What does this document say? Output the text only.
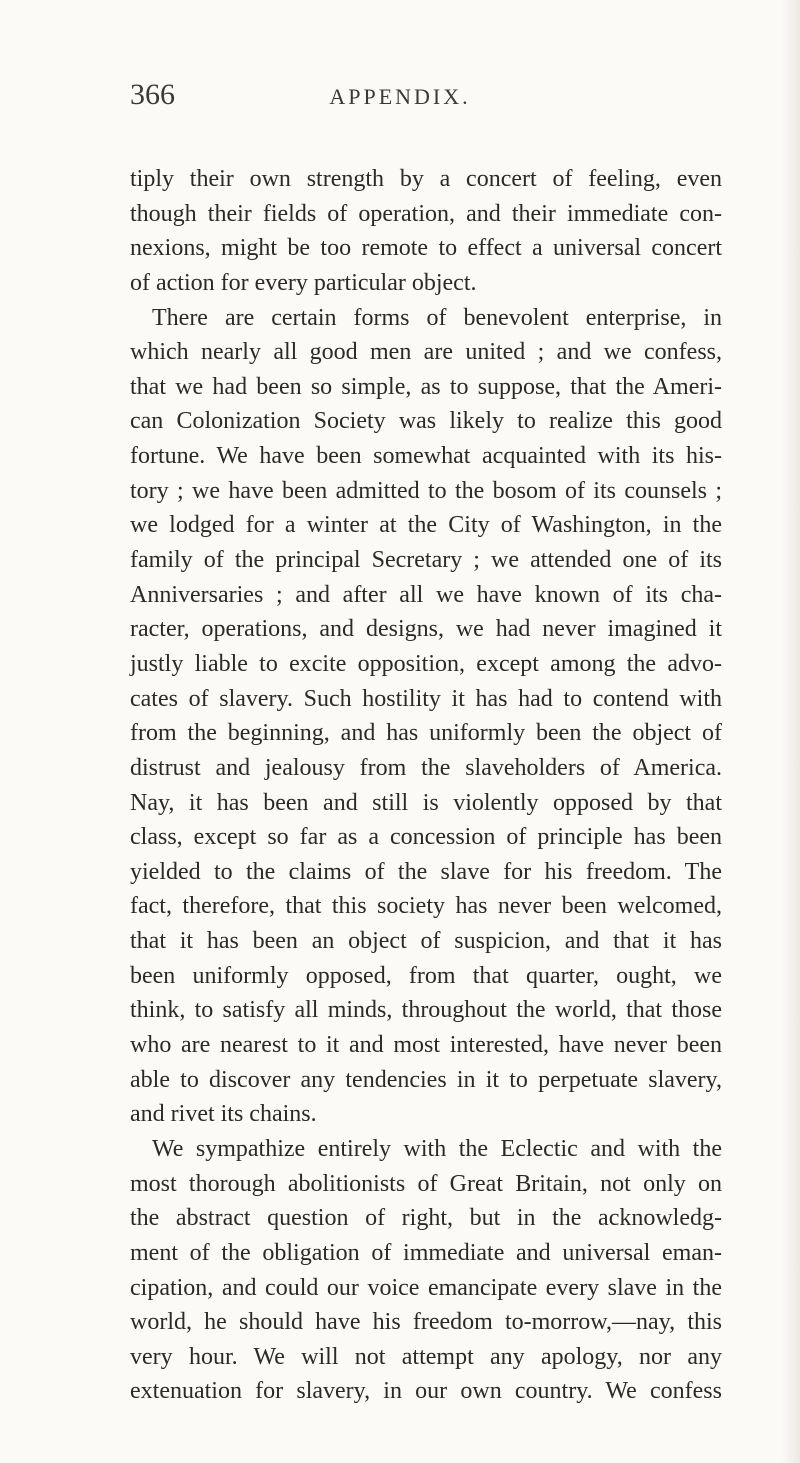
366	APPENDIX.
tiply their own strength by a concert of feeling, even
though their fields of operation, and their immediate con-
nexions, might be too remote to effect a universal concert
of action for every particular object.
There are certain forms of benevolent enterprise, in
which nearly all good men are united ; and we confess,
that we had been so simple, as to suppose, that the Ameri-
can Colonization Society was likely to realize this good
fortune. We have been somewhat acquainted with its his-
tory ; we have been admitted to the bosom of its counsels ;
we lodged for a winter at the City of Washington, in the
family of the principal Secretary ; we attended one of its
Anniversaries ; and after all we have known of its cha-
racter, operations, and designs, we had never imagined it
justly liable to excite opposition, except among the advo-
cates of slavery. Such hostility it has had to contend with
from the beginning, and has uniformly been the object of
distrust and jealousy from the slaveholders of America.
Nay, it has been and still is violently opposed by that
class, except so far as a concession of principle has been
yielded to the claims of the slave for his freedom. The
fact, therefore, that this society has never been welcomed,
that it has been an object of suspicion, and that it has
been uniformly opposed, from that quarter, ought, we
think, to satisfy all minds, throughout the world, that those
who are nearest to it and most interested, have never been
able to discover any tendencies in it to perpetuate slavery,
and rivet its chains.
We sympathize entirely with the Eclectic and with the
most thorough abolitionists of Great Britain, not only on
the abstract question of right, but in the acknowledg-
ment of the obligation of immediate and universal eman-
cipation, and could our voice emancipate every slave in the
world, he should have his freedom to-morrow,—nay, this
very hour. We will not attempt any apology, nor any
extenuation for slavery, in our own country. We confess
